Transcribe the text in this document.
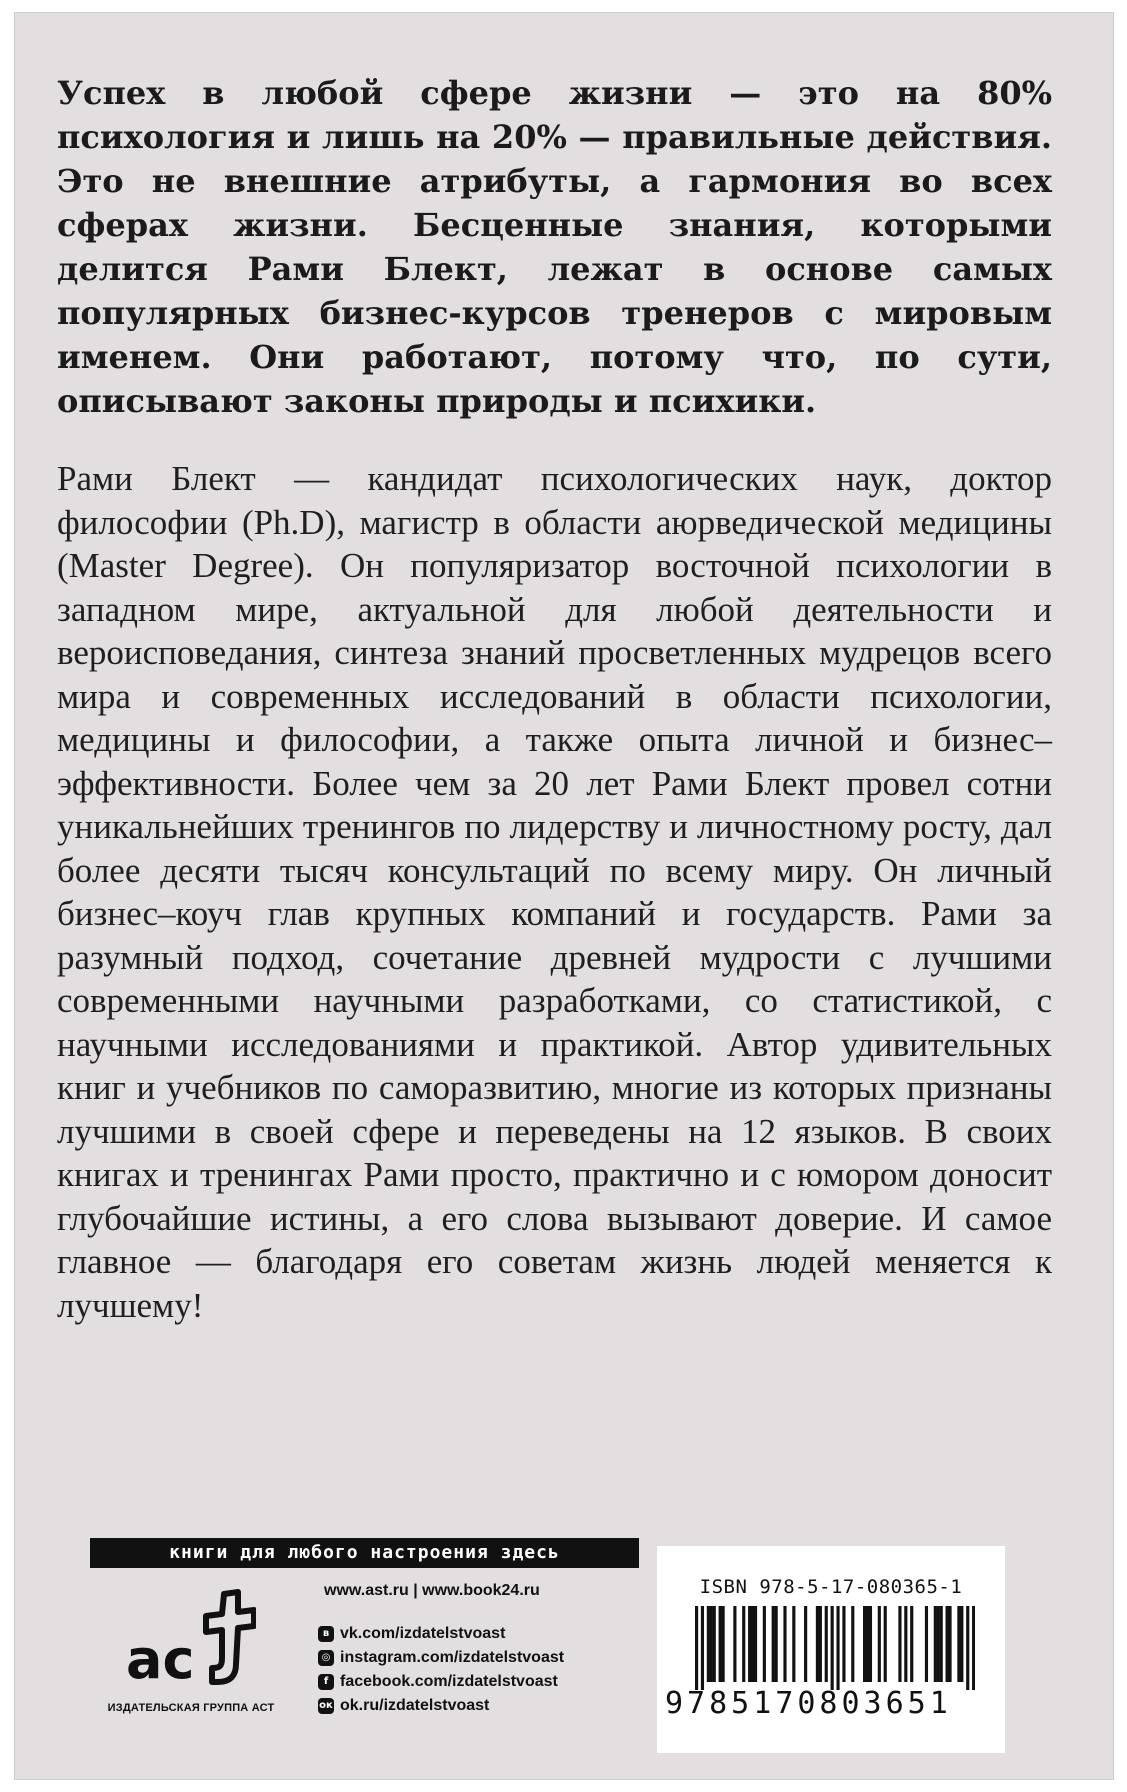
Успех в любой сфере жизни — это на 80% психология и лишь на 20% — правильные действия. Это не внешние атрибуты, а гармония во всех сферах жизни. Бесценные знания, которыми делится Рами Блект, лежат в основе самых популярных бизнес-курсов тренеров с мировым именем. Они работают, потому что, по сути, описывают законы природы и психики.

Рами Блект — кандидат психологических наук, доктор философии (Ph.D), магистр в области аюрведической медицины (Master Degree). Он популяризатор восточной психологии в западном мире, актуальной для любой деятельности и вероисповедания, синтеза знаний просветленных мудрецов всего мира и современных исследований в области психологии, медицины и философии, а также опыта личной и бизнес–эффективности. Более чем за 20 лет Рами Блект провел сотни уникальнейших тренингов по лидерству и личностному росту, дал более десяти тысяч консультаций по всему миру. Он личный бизнес–коуч глав крупных компаний и государств. Рами за разумный подход, сочетание древней мудрости с лучшими современными научными разработками, со статистикой, с научными исследованиями и практикой. Автор удивительных книг и учебников по саморазвитию, многие из которых признаны лучшими в своей сфере и переведены на 12 языков. В своих книгах и тренингах Рами просто, практично и с юмором доносит глубочайшие истины, а его слова вызывают доверие. И самое главное — благодаря его советам жизнь людей меняется к лучшему!

книги для любого настроения здесь
ac
ИЗДАТЕЛЬСКАЯ ГРУППА АСТ

www.ast.ru | www.book24.ru

в vk.com/izdatelstvoast
◎ instagram.com/izdatelstvoast
f facebook.com/izdatelstvoast
ок ok.ru/izdatelstvoast
ISBN 978-5-17-080365-1
9785170803651
